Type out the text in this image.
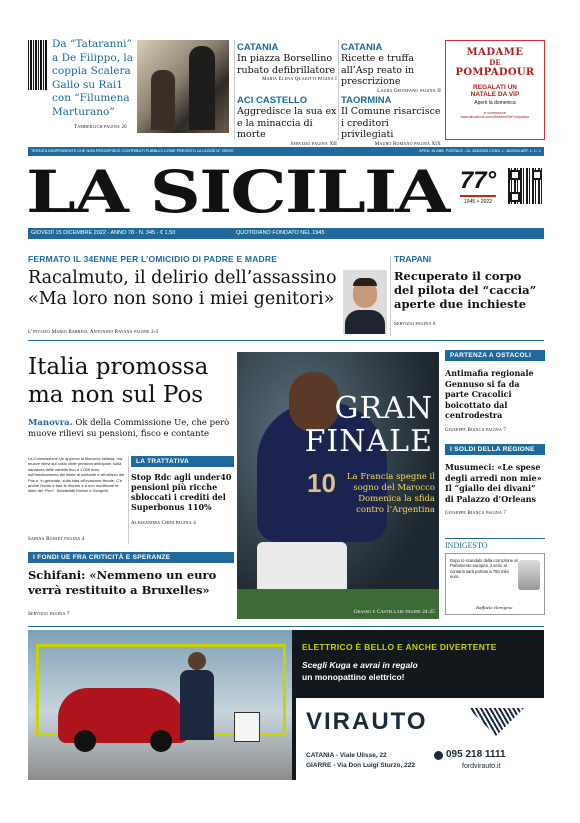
Da “Tataranni” a De Filippo, la coppia Scalera Gallo su Rai1 con “Filumena Marturano”
Tamberlich pagina 20
CATANIA
In piazza Borsellino rubato defibrillatore
Maria Elena Quaiotti pagina I
CATANIA
Ricette e truffa all’Asp reato in prescrizione
Laura Distefano pagina II
ACI CASTELLO
Aggredisce la sua ex e la minaccia di morte
Servizio pagina XII
TAORMINA
Il Comune risarcisce i creditori privilegiati
Mauro Romano pagina XIX
MADAME
DE
POMPADOUR
REGALATI UN
NATALE DA VIP
Aperti la domenica
e-commerce
www.lahosbook.com/MadameDePompadour
TESTATA INDIPENDENTE CHE NON PERCEPISCE CONTRIBUTI PUBBLICI COME PREVISTO LA LEGGE N° 250/90	SPED. IN ABB. POSTALE - DL 353/2003 CONV. L. 46/2004 ART. 1, C. 1
LA SICILIA 77°
1945 > 2022
GIOVEDÌ 15 DICEMBRE 2022 - ANNO 78 - N. 345 - € 1.50	QUOTIDIANO FONDATO NEL 1945
FERMATO IL 34ENNE PER L’OMICIDIO DI PADRE E MADRE
Racalmuto, il delirio dell’assassino
«Ma loro non sono i miei genitori»
L’inviato Mario Barresi, Antonino Ravanà pagine 2-3
TRAPANI
Recuperato il corpo del pilota del “caccia” aperte due inchieste
Servizio pagina 6
Italia promossa
ma non sul Pos
Manovra. Ok della Commissione Ue, che però muove rilievi su pensioni, fisco e contante
La Commissione Ue approva la Manovra italiana, ma muove rilievi sul costo delle pensioni anticipate, sulla sanatoria delle cartelle fino a 1.000 euro, sull’innalzamento del limite al contante e all’utilizzo del Pos e, in generale, sulla lotta all’evasione fiscale. C’è anche l’invito a fare le riforme e a non modificare le linee del “Pnrr”. Soddisfatti Meloni e Giorgetti.
Sabina Rosset pagina 4
LA TRATTATIVA
Stop Rdc agli under40 pensioni più ricche sbloccati i crediti del Superbonus 110%
Alessandra Chini pagina 4
I FONDI UE FRA CRITICITÀ E SPERANZE
Schifani: «Nemmeno un euro verrà restituito a Bruxelles»
Servizio pagina 7
10
GRAN
FINALE
La Francia spegne il sogno del Marocco Domenica la sfida contro l’Argentina
Grasso e Castellari pagine 24-25
PARTENZA A OSTACOLI
Antimafia regionale Gennuso si fa da parte Cracolici boicottato dal centrodestra
Giuseppe Bianca pagina 7
I SOLDI DELLA REGIONE
Musumeci: «Le spese degli arredi non mie» Il “giallo dei divani” di Palazzo d’Orleans
Giuseppe Bianca pagina 7
INDIGESTO
Dopo lo scandalo della corruzione al Parlamento europeo, il serio ai contanti sarà portato a 750 mila euro.
Raffaele Hemgino
ELETTRICO È BELLO E ANCHE DIVERTENTE
Scegli Kuga e avrai in regalo
un monopattino elettrico!
VIRAUTO
CATANIA - Viale Ulisse, 22
GIARRE - Via Don Luigi Sturzo, 222
095 218 1111
fordvirauto.it
